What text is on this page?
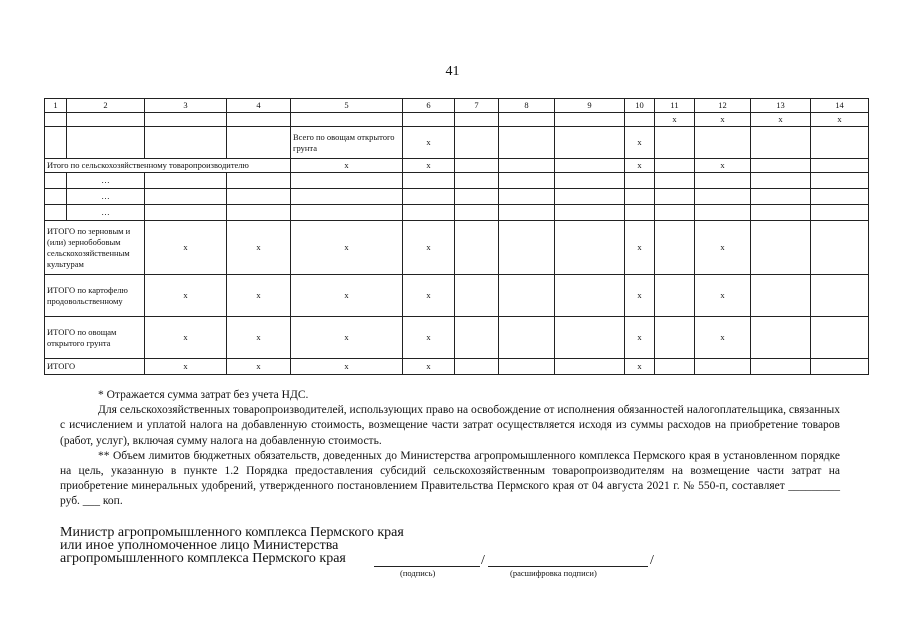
41
1	2	3	4	5	6	7	8	9	10	11	12	13	14
										x	x	x	x
				Всего по овощам открытого грунта	x				x				
Итого по сельскохозяйственному товаропроизводителю				x	x				x		x		
	…												
	…												
	…												
ИТОГО по зерновым и (или) зернобобовым сельскохозяйственным культурам		x	x	x	x				x		x		
ИТОГО по картофелю продовольственному		x	x	x	x				x		x		
ИТОГО по овощам открытого грунта		x	x	x	x				x		x		
ИТОГО		x	x	x	x				x				

* Отражается сумма затрат без учета НДС.

Для сельскохозяйственных товаропроизводителей, использующих право на освобождение от исполнения обязанностей налогоплательщика, связанных с исчислением и уплатой налога на добавленную стоимость, возмещение части затрат осуществляется исходя из суммы расходов на приобретение товаров (работ, услуг), включая сумму налога на добавленную стоимость.

** Объем лимитов бюджетных обязательств, доведенных до Министерства агропромышленного комплекса Пермского края в установленном порядке на цель, указанную в пункте 1.2 Порядка предоставления субсидий сельскохозяйственным товаропроизводителям на возмещение части затрат на приобретение минеральных удобрений, утвержденного постановлением Правительства Пермского края от 04 августа 2021 г. № 550-п, составляет _________ руб. ___ коп.

Министр агропромышленного комплекса Пермского края
или иное уполномоченное лицо Министерства
агропромышленного комплекса Пермского края	/	/
(подпись)	(расшифровка подписи)
